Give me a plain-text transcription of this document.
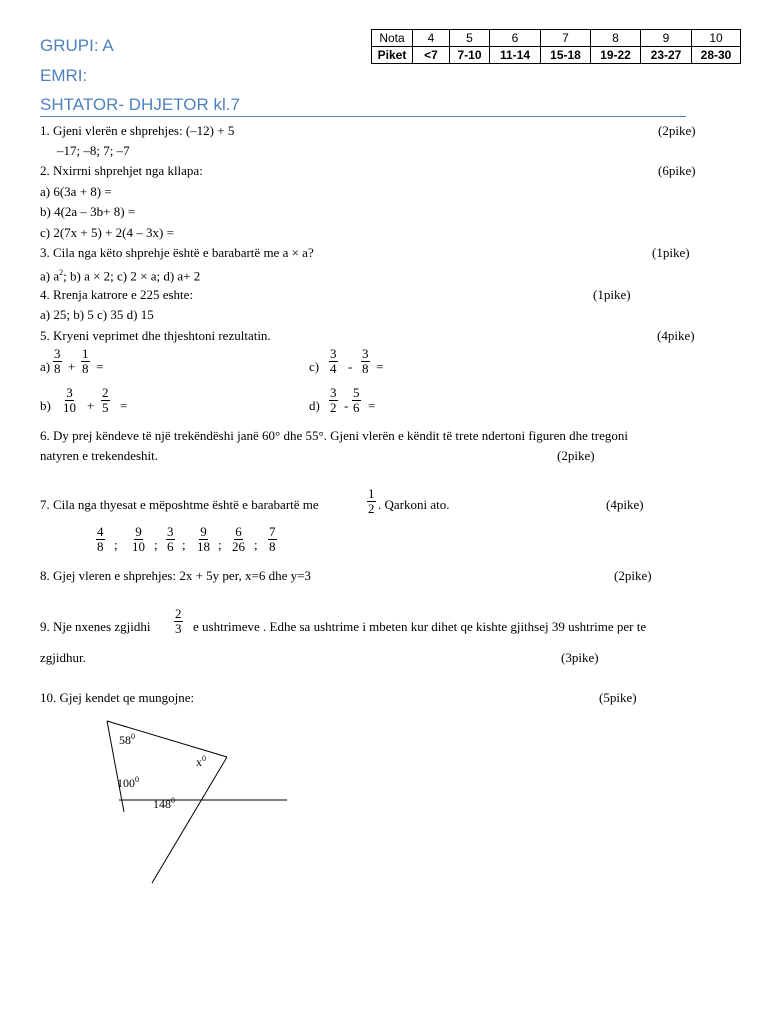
GRUPI: A
EMRI:
SHTATOR- DHJETOR kl.7
Nota	4	5	6	7	8	9	10
Piket	<7	7-10	11-14	15-18	19-22	23-27	28-30
1. Gjeni vlerën e shprehjes: (–12) + 5	(2pike)
–17; –8; 7; –7
2. Nxirrni shprehjet nga kllapa:	(6pike)
a) 6(3a + 8) =
b) 4(2a – 3b+ 8) =
c) 2(7x + 5) + 2(4 – 3x) =
3. Cila nga këto shprehje është e barabartë me a × a?	(1pike)
a) $a^2$; b) a × 2; c) 2 × a; d) a+ 2
4. Rrenja katrore e 225 eshte:	(1pike)
a) 25; b) 5 c) 35 d) 15
5. Kryeni veprimet dhe thjeshtoni rezultatin.	(4pike)
$a) \frac{3}{8} + \frac{1}{8}$ =	$c) \frac{3}{4} - \frac{3}{8}$ =
$b) \frac{3}{10} + \frac{2}{5}$ =	$d) \frac{3}{2} - \frac{5}{6}$ =
6. Dy prej këndeve të një trekëndëshi janë 60° dhe 55°. Gjeni vlerën e këndit të trete ndertoni figuren dhe tregoni
natyren e trekendeshit.	(2pike)
7. Cila nga thyesat e mëposhtme është e barabartë me	$\frac{1}{2}$ . Qarkoni ato.	(4pike)
$\frac{4}{8}$ ; $\frac{9}{10}$ ; $\frac{3}{6}$ ; $\frac{9}{18}$ ; $\frac{6}{26}$ ; $\frac{7}{8}$
8. Gjej vleren e shprehjes: 2x + 5y per, x=6 dhe y=3	(2pike)
9. Nje nxenes zgjidhi $\frac{2}{3}$ e ushtrimeve . Edhe sa ushtrime i mbeten kur dihet qe kishte gjithsej 39 ushtrime per te
zgjidhur.	(3pike)
10. Gjej kendet qe mungojne:	(5pike)
$58^0$
$x^0$
$100^0$
$148^0$
